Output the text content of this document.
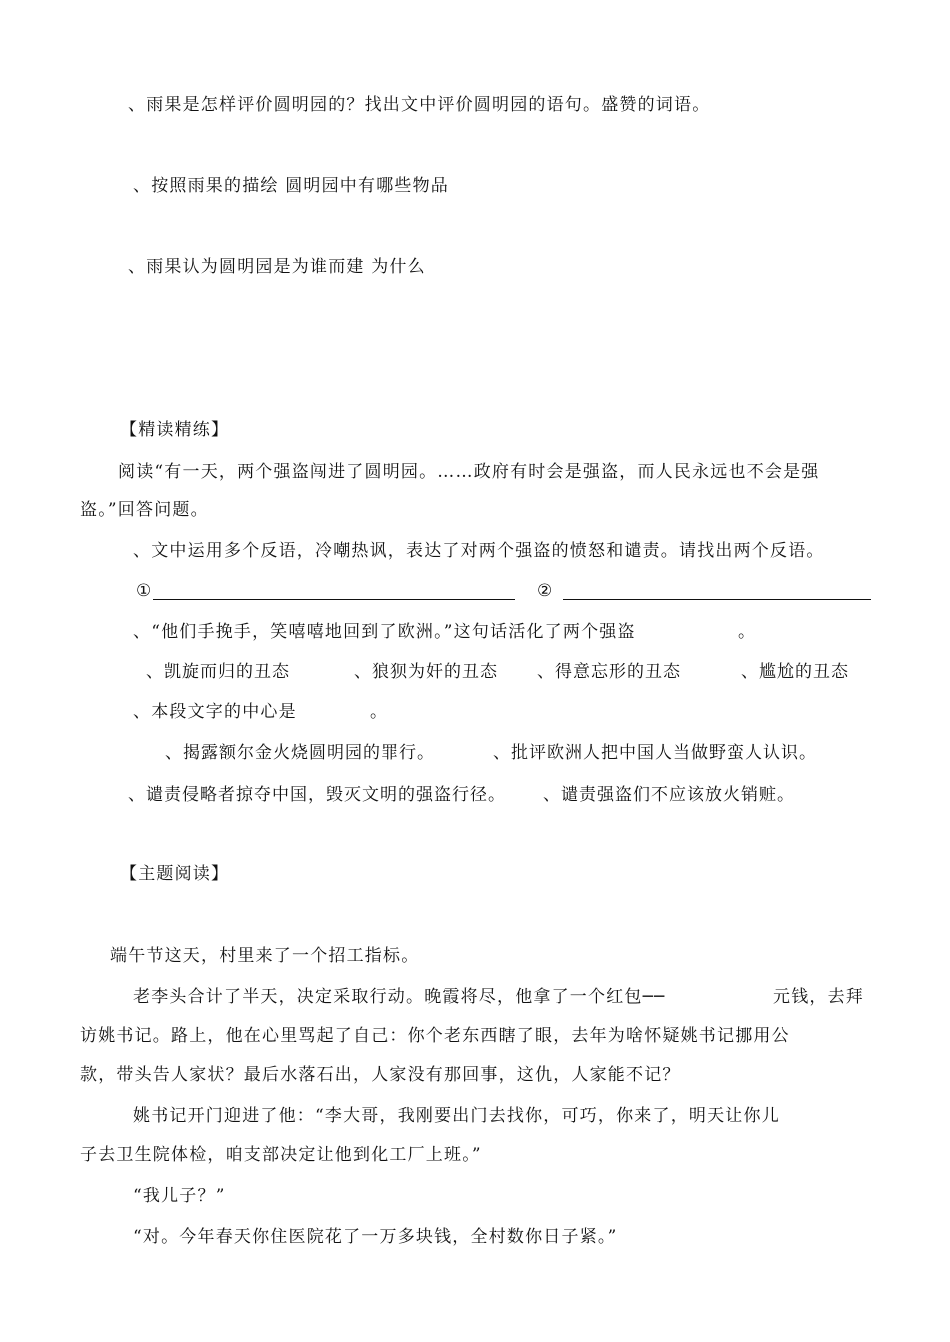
、雨果是怎样评价圆明园的？找出文中评价圆明园的语句。盛赞的词语。
、按照雨果的描绘 圆明园中有哪些物品
、雨果认为圆明园是为谁而建 为什么
【精读精练】
阅读“有一天，两个强盗闯进了圆明园。……政府有时会是强盗，而人民永远也不会是强
盗。”回答问题。
、文中运用多个反语，冷嘲热讽，表达了对两个强盗的愤怒和谴责。请找出两个反语。
①	②
、“他们手挽手，笑嘻嘻地回到了欧洲。”这句话活化了两个强盗	。
、凯旋而归的丑态	、狼狈为奸的丑态 、得意忘形的丑态	、尴尬的丑态
、本段文字的中心是	。
、揭露额尔金火烧圆明园的罪行。	、批评欧洲人把中国人当做野蛮人认识。
、谴责侵略者掠夺中国，毁灭文明的强盗行径。 、谴责强盗们不应该放火销赃。
【主题阅读】
端午节这天，村里来了一个招工指标。
老李头合计了半天，决定采取行动。晚霞将尽，他拿了一个红包──	元钱，去拜
访姚书记。路上，他在心里骂起了自己：你个老东西瞎了眼，去年为啥怀疑姚书记挪用公
款，带头告人家状？最后水落石出，人家没有那回事，这仇，人家能不记？
姚书记开门迎进了他：“李大哥，我刚要出门去找你，可巧，你来了，明天让你儿
子去卫生院体检，咱支部决定让他到化工厂上班。”
“我儿子？”
“对。今年春天你住医院花了一万多块钱，全村数你日子紧。”
